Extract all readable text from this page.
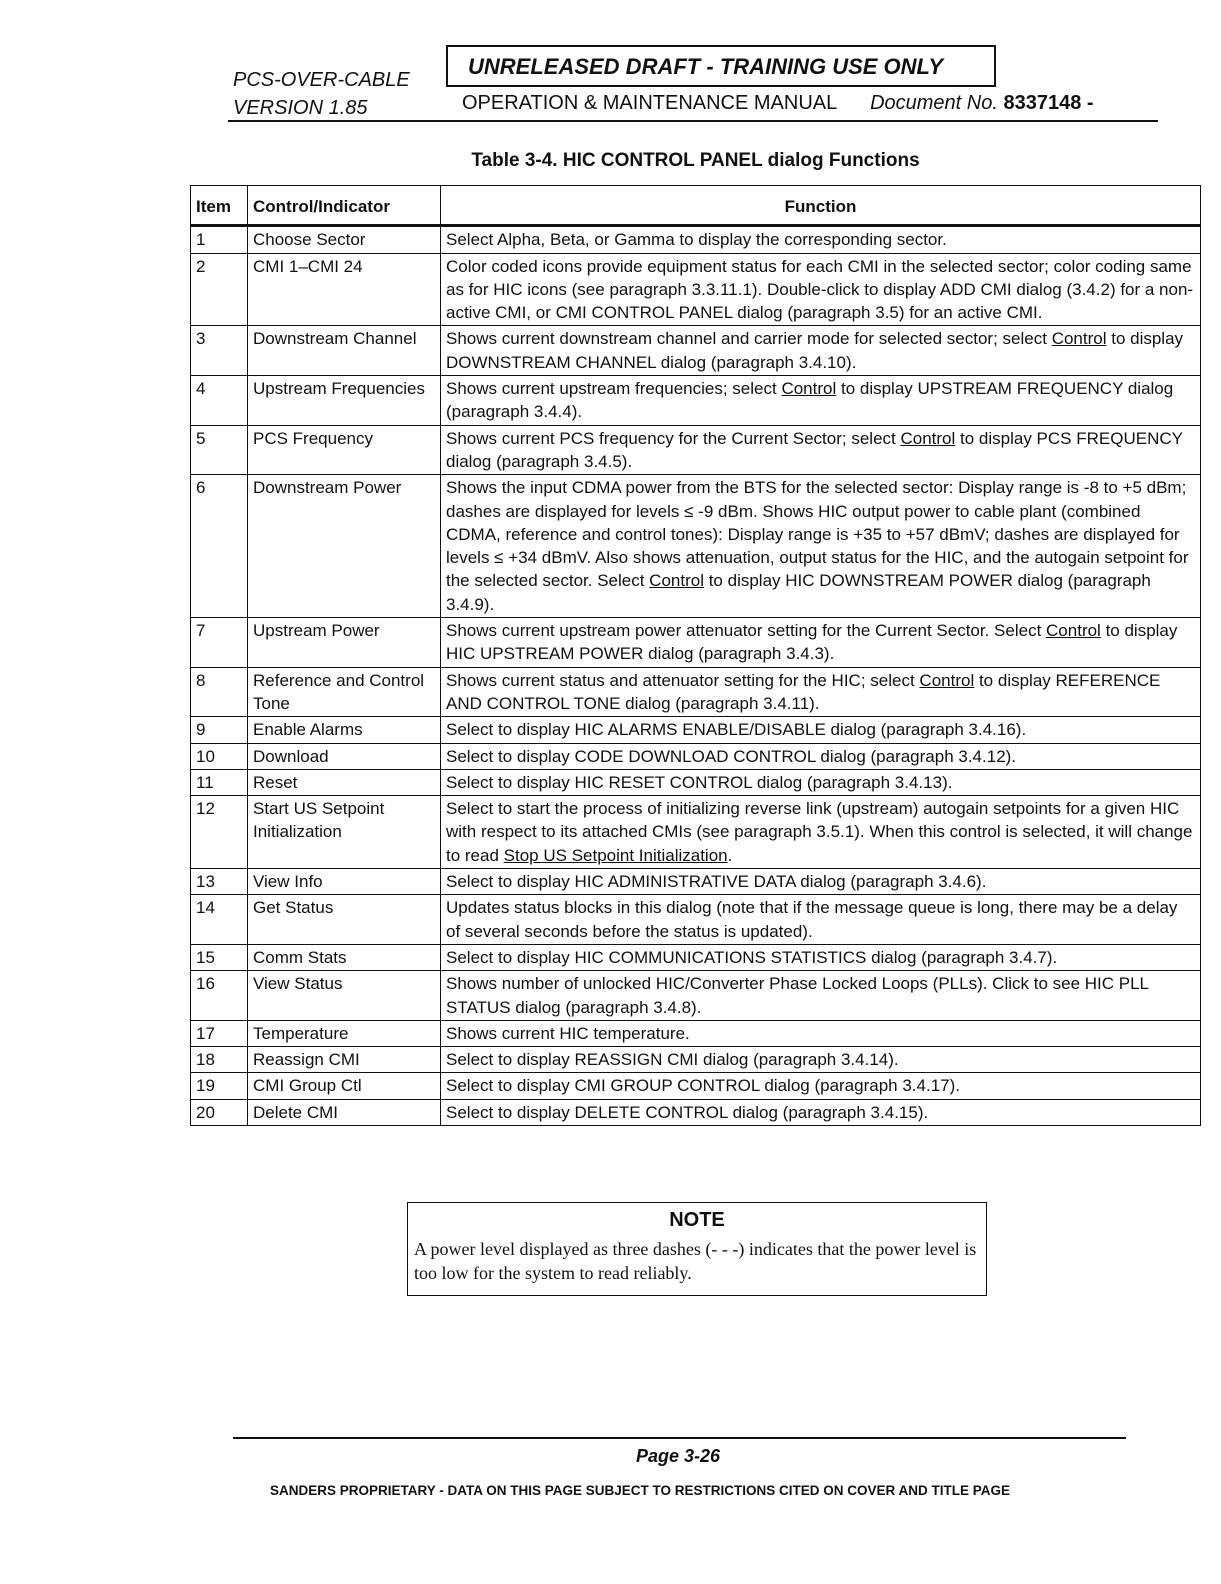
PCS-OVER-CABLE
VERSION 1.85
UNRELEASED DRAFT - TRAINING USE ONLY
OPERATION & MAINTENANCE MANUAL Document No. 8337148 -
Table 3-4. HIC CONTROL PANEL dialog Functions
Item	Control/Indicator	Function
1	Choose Sector	Select Alpha, Beta, or Gamma to display the corresponding sector.
2	CMI 1–CMI 24	Color coded icons provide equipment status for each CMI in the selected sector; color coding same as for HIC icons (see paragraph 3.3.11.1). Double-click to display ADD CMI dialog (3.4.2) for a non-active CMI, or CMI CONTROL PANEL dialog (paragraph 3.5) for an active CMI.
3	Downstream Channel	Shows current downstream channel and carrier mode for selected sector; select Control to display DOWNSTREAM CHANNEL dialog (paragraph 3.4.10).
4	Upstream Frequencies	Shows current upstream frequencies; select Control to display UPSTREAM FREQUENCY dialog (paragraph 3.4.4).
5	PCS Frequency	Shows current PCS frequency for the Current Sector; select Control to display PCS FREQUENCY dialog (paragraph 3.4.5).
6	Downstream Power	Shows the input CDMA power from the BTS for the selected sector: Display range is -8 to +5 dBm; dashes are displayed for levels ≤ -9 dBm. Shows HIC output power to cable plant (combined CDMA, reference and control tones): Display range is +35 to +57 dBmV; dashes are displayed for levels ≤ +34 dBmV. Also shows attenuation, output status for the HIC, and the autogain setpoint for the selected sector. Select Control to display HIC DOWNSTREAM POWER dialog (paragraph 3.4.9).
7	Upstream Power	Shows current upstream power attenuator setting for the Current Sector. Select Control to display HIC UPSTREAM POWER dialog (paragraph 3.4.3).
8	Reference and Control Tone	Shows current status and attenuator setting for the HIC; select Control to display REFERENCE AND CONTROL TONE dialog (paragraph 3.4.11).
9	Enable Alarms	Select to display HIC ALARMS ENABLE/DISABLE dialog (paragraph 3.4.16).
10	Download	Select to display CODE DOWNLOAD CONTROL dialog (paragraph 3.4.12).
11	Reset	Select to display HIC RESET CONTROL dialog (paragraph 3.4.13).
12	Start US Setpoint Initialization	Select to start the process of initializing reverse link (upstream) autogain setpoints for a given HIC with respect to its attached CMIs (see paragraph 3.5.1). When this control is selected, it will change to read Stop US Setpoint Initialization.
13	View Info	Select to display HIC ADMINISTRATIVE DATA dialog (paragraph 3.4.6).
14	Get Status	Updates status blocks in this dialog (note that if the message queue is long, there may be a delay of several seconds before the status is updated).
15	Comm Stats	Select to display HIC COMMUNICATIONS STATISTICS dialog (paragraph 3.4.7).
16	View Status	Shows number of unlocked HIC/Converter Phase Locked Loops (PLLs). Click to see HIC PLL STATUS dialog (paragraph 3.4.8).
17	Temperature	Shows current HIC temperature.
18	Reassign CMI	Select to display REASSIGN CMI dialog (paragraph 3.4.14).
19	CMI Group Ctl	Select to display CMI GROUP CONTROL dialog (paragraph 3.4.17).
20	Delete CMI	Select to display DELETE CONTROL dialog (paragraph 3.4.15).
NOTE
A power level displayed as three dashes (- - -) indicates that the power level is too low for the system to read reliably.
Page 3-26
SANDERS PROPRIETARY - DATA ON THIS PAGE SUBJECT TO RESTRICTIONS CITED ON COVER AND TITLE PAGE
